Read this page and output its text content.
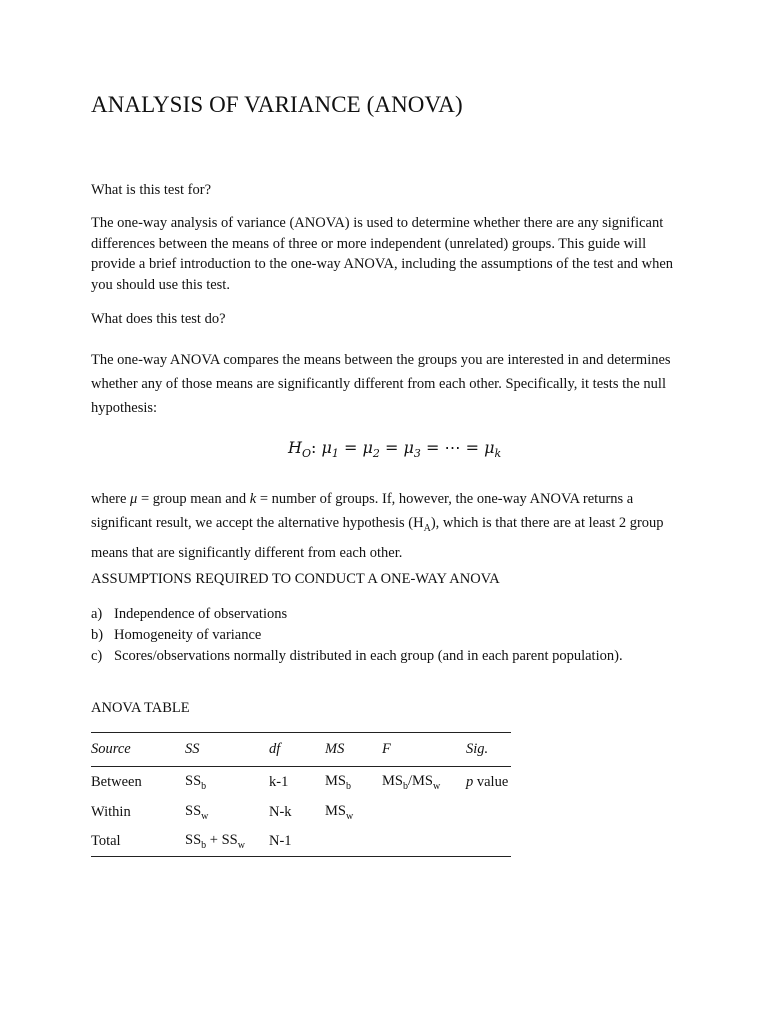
ANALYSIS OF VARIANCE (ANOVA)

What is this test for?

The one-way analysis of variance (ANOVA) is used to determine whether there are any significant differences between the means of three or more independent (unrelated) groups. This guide will provide a brief introduction to the one-way ANOVA, including the assumptions of the test and when you should use this test.

What does this test do?

The one-way ANOVA compares the means between the groups you are interested in and determines whether any of those means are significantly different from each other. Specifically, it tests the null hypothesis:

$H_O$: $\mu_1 = \mu_2 = \mu_3$ = ⋯ = $\mu_k$

where μ = group mean and k = number of groups. If, however, the one-way ANOVA returns a significant result, we accept the alternative hypothesis $(H_A)$, which is that there are at least 2 group means that are significantly different from each other.

ASSUMPTIONS REQUIRED TO CONDUCT A ONE-WAY ANOVA
a) Independence of observations
b) Homogeneity of variance
c) Scores/observations normally distributed in each group (and in each parent population).
ANOVA TABLE
Source	SS	df	MS	F	Sig.
Between	$SS_b$	k-1	$MS_b$	$MS_b/MS_w$	p value
Within	$SS_w$	N-k	$MS_w$		
Total	$SS_b + SS_w$	N-1			
